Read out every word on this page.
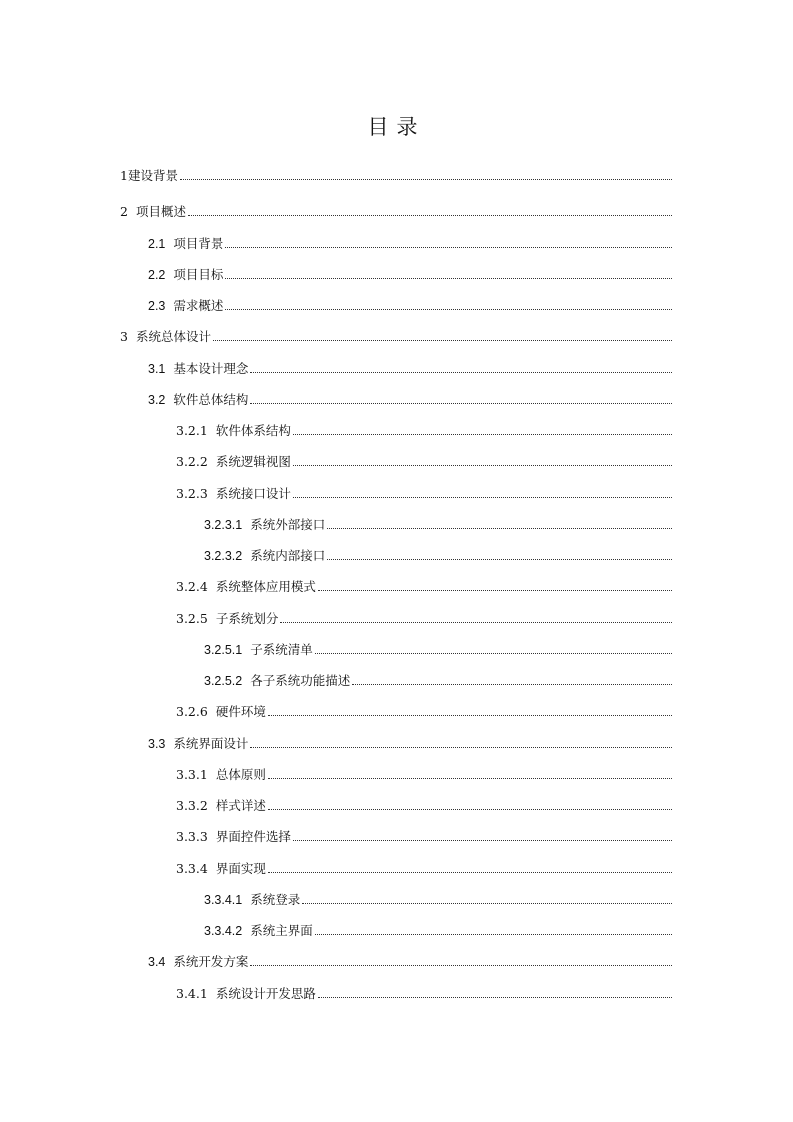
目录
1 建设背景
2 项目概述
2.1 项目背景
2.2 项目目标
2.3 需求概述
3 系统总体设计
3.1 基本设计理念
3.2 软件总体结构
3.2.1 软件体系结构
3.2.2 系统逻辑视图
3.2.3 系统接口设计
3.2.3.1 系统外部接口
3.2.3.2 系统内部接口
3.2.4 系统整体应用模式
3.2.5 子系统划分
3.2.5.1 子系统清单
3.2.5.2 各子系统功能描述
3.2.6 硬件环境
3.3 系统界面设计
3.3.1 总体原则
3.3.2 样式详述
3.3.3 界面控件选择
3.3.4 界面实现
3.3.4.1 系统登录
3.3.4.2 系统主界面
3.4 系统开发方案
3.4.1 系统设计开发思路
